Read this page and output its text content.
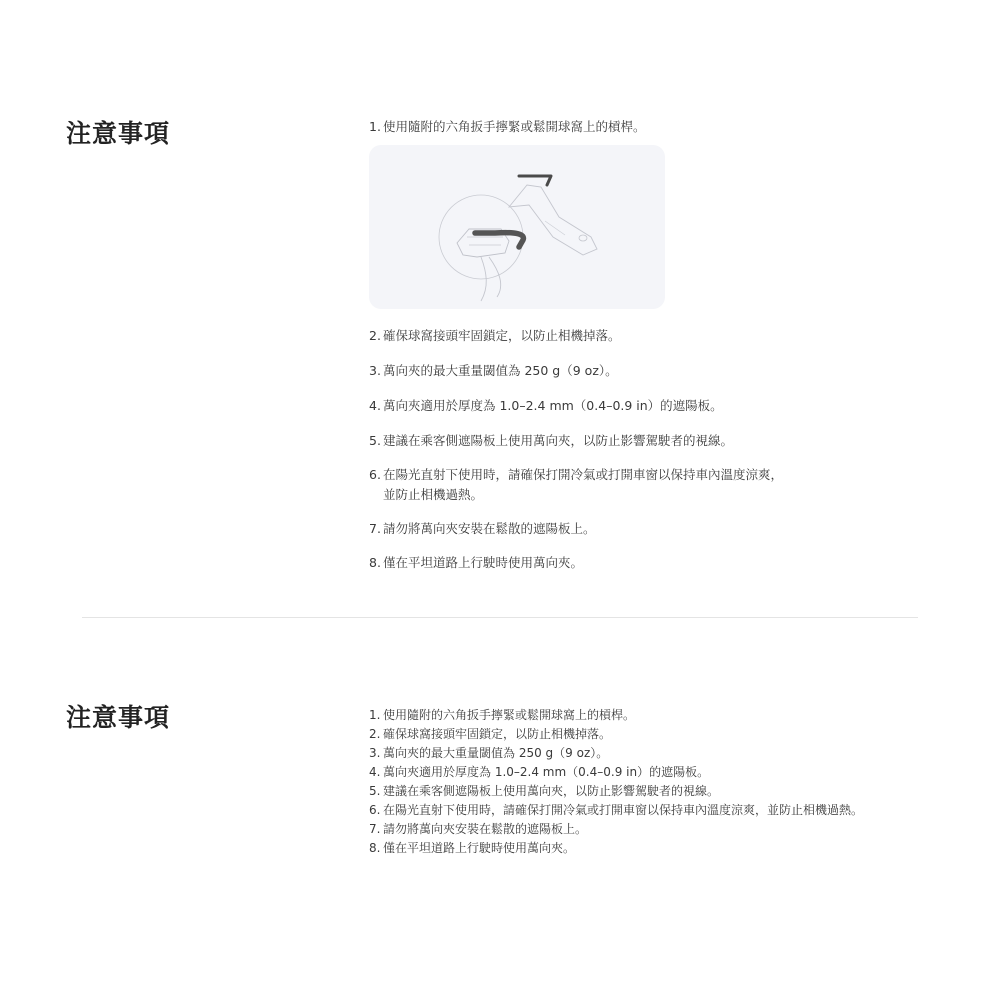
注意事項	1. 使用隨附的六角扳手擰緊或鬆開球窩上的槓桿。
2. 確保球窩接頭牢固鎖定，以防止相機掉落。
3. 萬向夾的最大重量閾值為 250 g（9 oz）。
4. 萬向夾適用於厚度為 1.0–2.4 mm（0.4–0.9 in）的遮陽板。
5. 建議在乘客側遮陽板上使用萬向夾，以防止影響駕駛者的視線。
6. 在陽光直射下使用時，請確保打開冷氣或打開車窗以保持車內溫度涼爽，並防止相機過熱。
7. 請勿將萬向夾安裝在鬆散的遮陽板上。
8. 僅在平坦道路上行駛時使用萬向夾。
注意事項	1. 使用隨附的六角扳手擰緊或鬆開球窩上的槓桿。
2. 確保球窩接頭牢固鎖定，以防止相機掉落。
3. 萬向夾的最大重量閾值為 250 g（9 oz）。
4. 萬向夾適用於厚度為 1.0–2.4 mm（0.4–0.9 in）的遮陽板。
5. 建議在乘客側遮陽板上使用萬向夾，以防止影響駕駛者的視線。
6. 在陽光直射下使用時，請確保打開冷氣或打開車窗以保持車內溫度涼爽，並防止相機過熱。
7. 請勿將萬向夾安裝在鬆散的遮陽板上。
8. 僅在平坦道路上行駛時使用萬向夾。
